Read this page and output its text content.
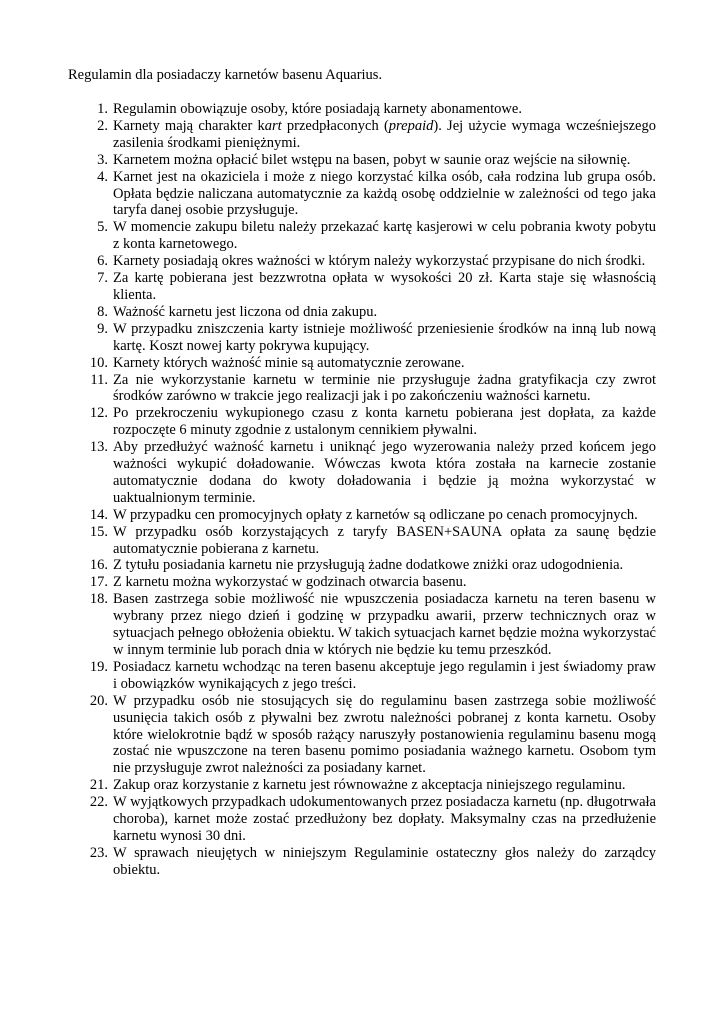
Regulamin dla posiadaczy karnetów basenu Aquarius.
1. Regulamin obowiązuje osoby, które posiadają karnety abonamentowe.
2. Karnety mają charakter kart przedpłaconych (prepaid). Jej użycie wymaga wcześniejszego zasilenia środkami pieniężnymi.
3. Karnetem można opłacić bilet wstępu na basen, pobyt w saunie oraz wejście na siłownię.
4. Karnet jest na okaziciela i może z niego korzystać kilka osób, cała rodzina lub grupa osób. Opłata będzie naliczana automatycznie za każdą osobę oddzielnie w zależności od tego jaka taryfa danej osobie przysługuje.
5. W momencie zakupu biletu należy przekazać kartę kasjerowi w celu pobrania kwoty pobytu z konta karnetowego.
6. Karnety posiadają okres ważności w którym należy wykorzystać przypisane do nich środki.
7. Za kartę pobierana jest bezzwrotna opłata w wysokości 20 zł. Karta staje się własnością klienta.
8. Ważność karnetu jest liczona od dnia zakupu.
9. W przypadku zniszczenia karty istnieje możliwość przeniesienie środków na inną lub nową kartę. Koszt nowej karty pokrywa kupujący.
10. Karnety których ważność minie są automatycznie zerowane.
11. Za nie wykorzystanie karnetu w terminie nie przysługuje żadna gratyfikacja czy zwrot środków zarówno w trakcie jego realizacji jak i po zakończeniu ważności karnetu.
12. Po przekroczeniu wykupionego czasu z konta karnetu pobierana jest dopłata, za każde rozpoczęte 6 minuty zgodnie z ustalonym cennikiem pływalni.
13. Aby przedłużyć ważność karnetu i uniknąć jego wyzerowania należy przed końcem jego ważności wykupić doładowanie. Wówczas kwota która została na karnecie zostanie automatycznie dodana do kwoty doładowania i będzie ją można wykorzystać w uaktualnionym terminie.
14. W przypadku cen promocyjnych opłaty z karnetów są odliczane po cenach promocyjnych.
15. W przypadku osób korzystających z taryfy BASEN+SAUNA opłata za saunę będzie automatycznie pobierana z karnetu.
16. Z tytułu posiadania karnetu nie przysługują żadne dodatkowe zniżki oraz udogodnienia.
17. Z karnetu można wykorzystać w godzinach otwarcia basenu.
18. Basen zastrzega sobie możliwość nie wpuszczenia posiadacza karnetu na teren basenu w wybrany przez niego dzień i godzinę w przypadku awarii, przerw technicznych oraz w sytuacjach pełnego obłożenia obiektu. W takich sytuacjach karnet będzie można wykorzystać w innym terminie lub porach dnia w których nie będzie ku temu przeszkód.
19. Posiadacz karnetu wchodząc na teren basenu akceptuje jego regulamin i jest świadomy praw i obowiązków wynikających z jego treści.
20. W przypadku osób nie stosujących się do regulaminu basen zastrzega sobie możliwość usunięcia takich osób z pływalni bez zwrotu należności pobranej z konta karnetu. Osoby które wielokrotnie bądź w sposób rażący naruszyły postanowienia regulaminu basenu mogą zostać nie wpuszczone na teren basenu pomimo posiadania ważnego karnetu. Osobom tym nie przysługuje zwrot należności za posiadany karnet.
21. Zakup oraz korzystanie z karnetu jest równoważne z akceptacja niniejszego regulaminu.
22. W wyjątkowych przypadkach udokumentowanych przez posiadacza karnetu (np. długotrwała choroba), karnet może zostać przedłużony bez dopłaty. Maksymalny czas na przedłużenie karnetu wynosi 30 dni.
23. W sprawach nieujętych w niniejszym Regulaminie ostateczny głos należy do zarządcy obiektu.
